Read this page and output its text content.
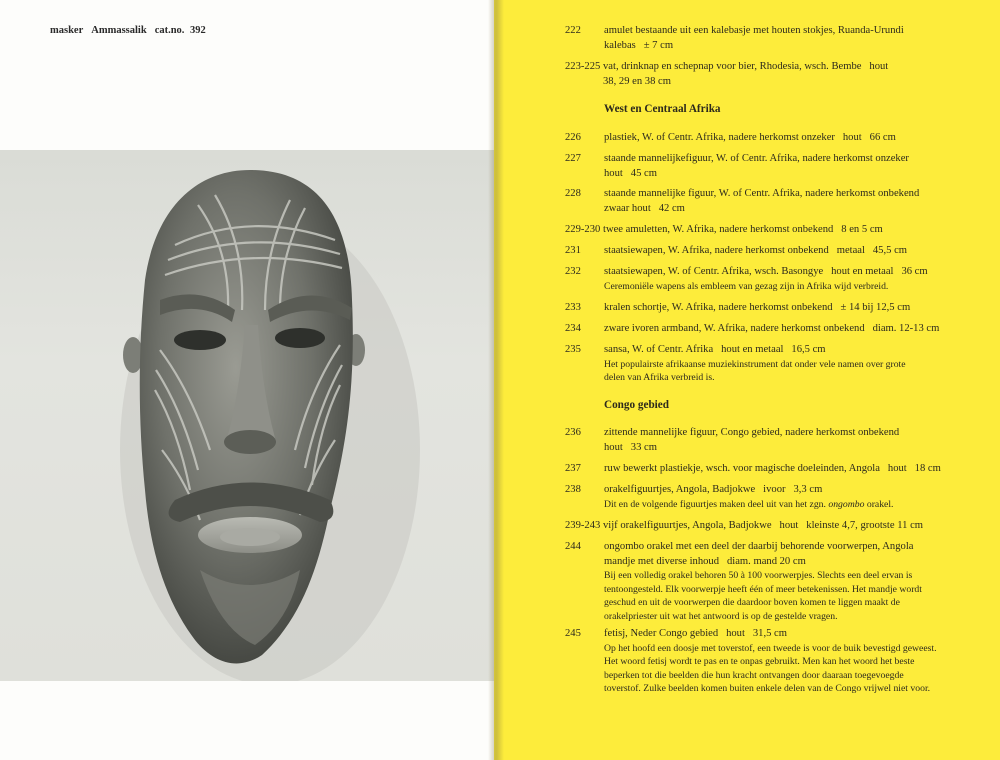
masker Ammassalik cat.no. 392	222 amulet bestaande uit een kalebasje met houten stokjes, Ruanda-Urundi
kalebas   ± 7 cm
223-225 vat, drinknap en schepnap voor bier, Rhodesia, wsch. Bembe   hout
38, 29 en 38 cm
West en Centraal Afrika
226 plastiek, W. of Centr. Afrika, nadere herkomst onzeker   hout   66 cm
227 staande mannelijkefiguur, W. of Centr. Afrika, nadere herkomst onzeker
hout   45 cm
228 staande mannelijke figuur, W. of Centr. Afrika, nadere herkomst onbekend
zwaar hout   42 cm
229-230 twee amuletten, W. Afrika, nadere herkomst onbekend   8 en 5 cm
231 staatsiewapen, W. Afrika, nadere herkomst onbekend   metaal   45,5 cm
232 staatsiewapen, W. of Centr. Afrika, wsch. Basongye   hout en metaal   36 cm
Ceremoniële wapens als embleem van gezag zijn in Afrika wijd verbreid.
233 kralen schortje, W. Afrika, nadere herkomst onbekend   ± 14 bij 12,5 cm
234 zware ivoren armband, W. Afrika, nadere herkomst onbekend   diam. 12-13 cm
235 sansa, W. of Centr. Afrika   hout en metaal   16,5 cm
Het populairste afrikaanse muziekinstrument dat onder vele namen over grote
delen van Afrika verbreid is.
Congo gebied
236 zittende mannelijke figuur, Congo gebied, nadere herkomst onbekend
hout   33 cm
237 ruw bewerkt plastiekje, wsch. voor magische doeleinden, Angola   hout   18 cm
238 orakelfiguurtjes, Angola, Badjokwe   ivoor   3,3 cm
Dit en de volgende figuurtjes maken deel uit van het zgn. ongombo orakel.
239-243 vijf orakelfiguurtjes, Angola, Badjokwe   hout   kleinste 4,7, grootste 11 cm
244 ongombo orakel met een deel der daarbij behorende voorwerpen, Angola
mandje met diverse inhoud   diam. mand 20 cm
Bij een volledig orakel behoren 50 à 100 voorwerpjes. Slechts een deel ervan is
tentoongesteld. Elk voorwerpje heeft één of meer betekenissen. Het mandje wordt
geschud en uit de voorwerpen die daardoor boven komen te liggen maakt de
orakelpriester uit wat het antwoord is op de gestelde vragen.
245 fetisj, Neder Congo gebied   hout   31,5 cm
Op het hoofd een doosje met toverstof, een tweede is voor de buik bevestigd geweest.
Het woord fetisj wordt te pas en te onpas gebruikt. Men kan het woord het beste
beperken tot die beelden die hun kracht ontvangen door daaraan toegevoegde
toverstof. Zulke beelden komen buiten enkele delen van de Congo vrijwel niet voor.
